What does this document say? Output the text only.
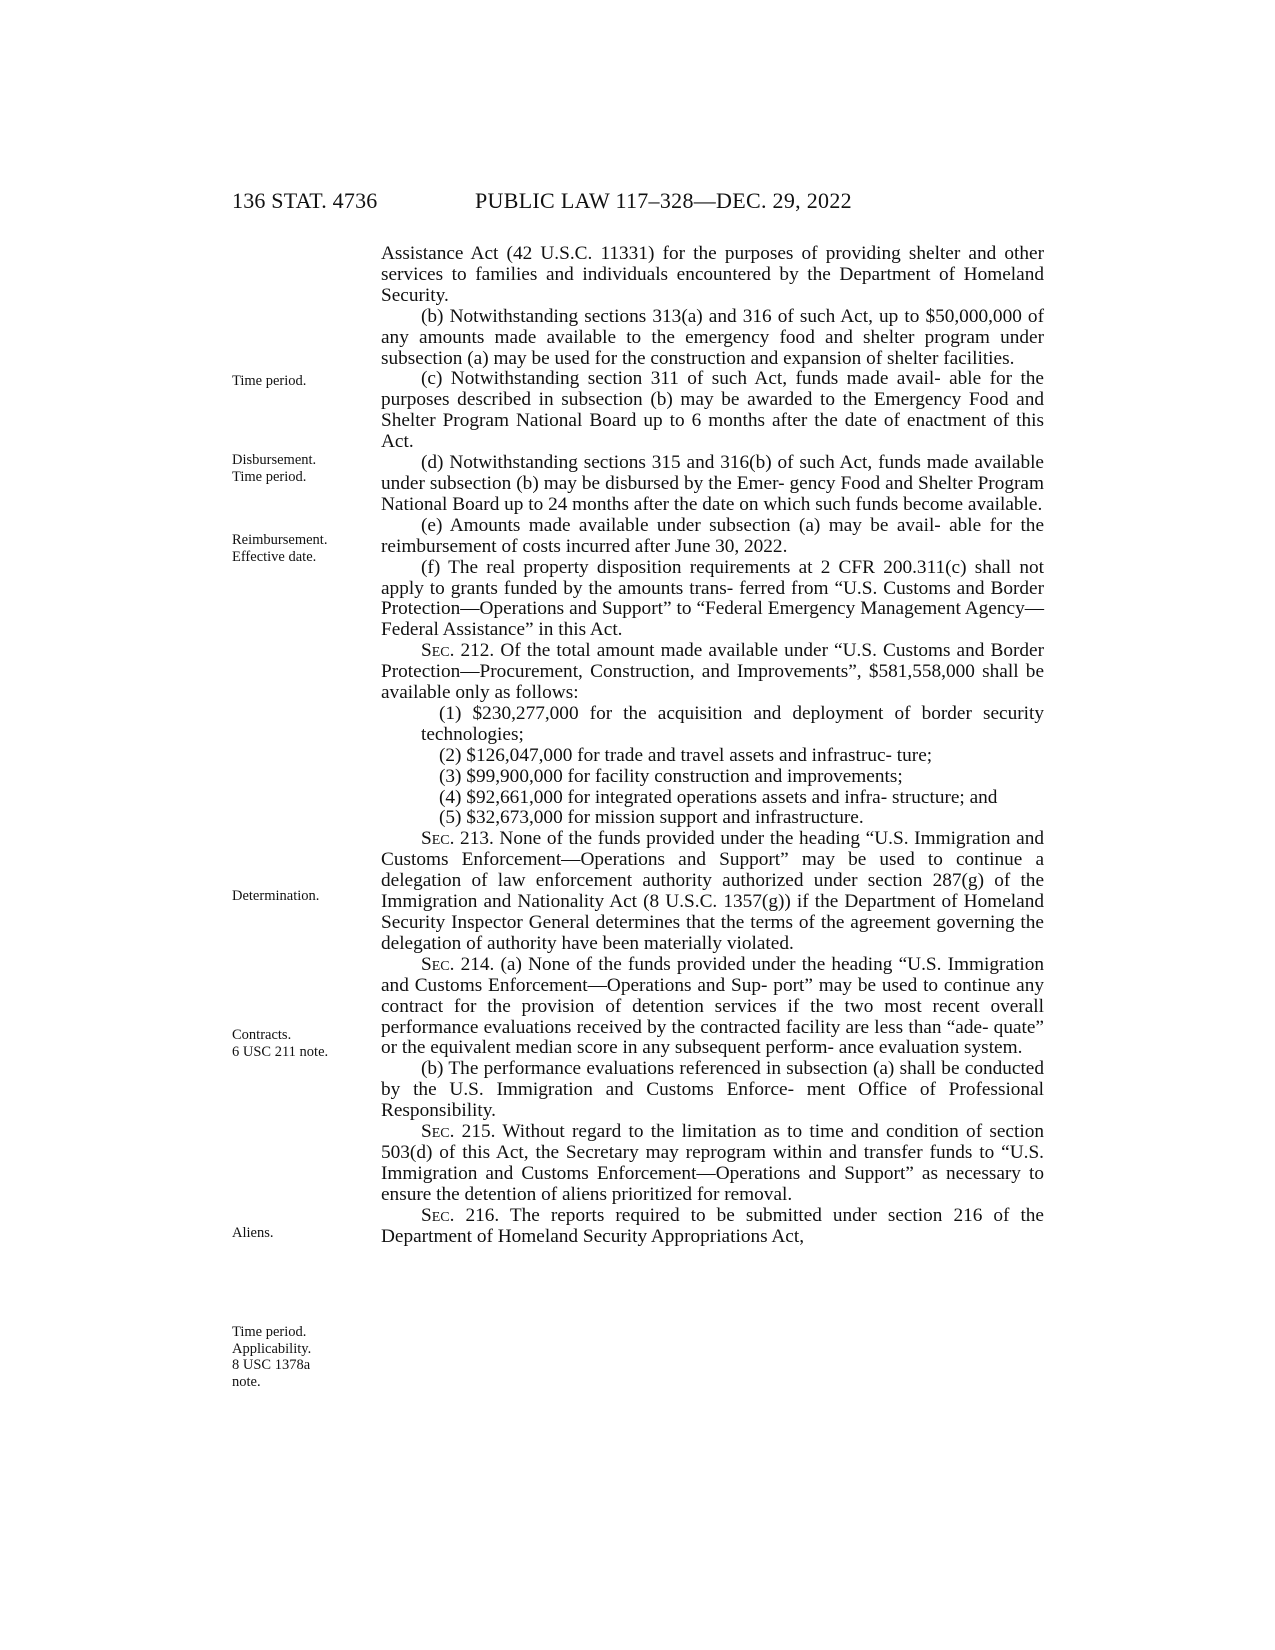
136 STAT. 4736	PUBLIC LAW 117–328—DEC. 29, 2022
Time period.
Disbursement.
Time period.
Reimbursement.
Effective date.
Determination.
Contracts.
6 USC 211 note.
Aliens.
Time period.
Applicability.
8 USC 1378a
note.

Assistance Act (42 U.S.C. 11331) for the purposes of providing shelter and other services to families and individuals encountered by the Department of Homeland Security.

(b) Notwithstanding sections 313(a) and 316 of such Act, up to $50,000,000 of any amounts made available to the emergency food and shelter program under subsection (a) may be used for the construction and expansion of shelter facilities.

(c) Notwithstanding section 311 of such Act, funds made avail- able for the purposes described in subsection (b) may be awarded to the Emergency Food and Shelter Program National Board up to 6 months after the date of enactment of this Act.

(d) Notwithstanding sections 315 and 316(b) of such Act, funds made available under subsection (b) may be disbursed by the Emer- gency Food and Shelter Program National Board up to 24 months after the date on which such funds become available.

(e) Amounts made available under subsection (a) may be avail- able for the reimbursement of costs incurred after June 30, 2022.

(f) The real property disposition requirements at 2 CFR 200.311(c) shall not apply to grants funded by the amounts trans- ferred from “U.S. Customs and Border Protection—Operations and Support” to “Federal Emergency Management Agency—Federal Assistance” in this Act.

Sec. 212. Of the total amount made available under “U.S. Customs and Border Protection—Procurement, Construction, and Improvements”, $581,558,000 shall be available only as follows:

(1) $230,277,000 for the acquisition and deployment of border security technologies;

(2) $126,047,000 for trade and travel assets and infrastruc- ture;

(3) $99,900,000 for facility construction and improvements;

(4) $92,661,000 for integrated operations assets and infra- structure; and

(5) $32,673,000 for mission support and infrastructure.

Sec. 213. None of the funds provided under the heading “U.S. Immigration and Customs Enforcement—Operations and Support” may be used to continue a delegation of law enforcement authority authorized under section 287(g) of the Immigration and Nationality Act (8 U.S.C. 1357(g)) if the Department of Homeland Security Inspector General determines that the terms of the agreement governing the delegation of authority have been materially violated.

Sec. 214. (a) None of the funds provided under the heading “U.S. Immigration and Customs Enforcement—Operations and Sup- port” may be used to continue any contract for the provision of detention services if the two most recent overall performance evaluations received by the contracted facility are less than “ade- quate” or the equivalent median score in any subsequent perform- ance evaluation system.

(b) The performance evaluations referenced in subsection (a) shall be conducted by the U.S. Immigration and Customs Enforce- ment Office of Professional Responsibility.

Sec. 215. Without regard to the limitation as to time and condition of section 503(d) of this Act, the Secretary may reprogram within and transfer funds to “U.S. Immigration and Customs Enforcement—Operations and Support” as necessary to ensure the detention of aliens prioritized for removal.

Sec. 216. The reports required to be submitted under section 216 of the Department of Homeland Security Appropriations Act,
